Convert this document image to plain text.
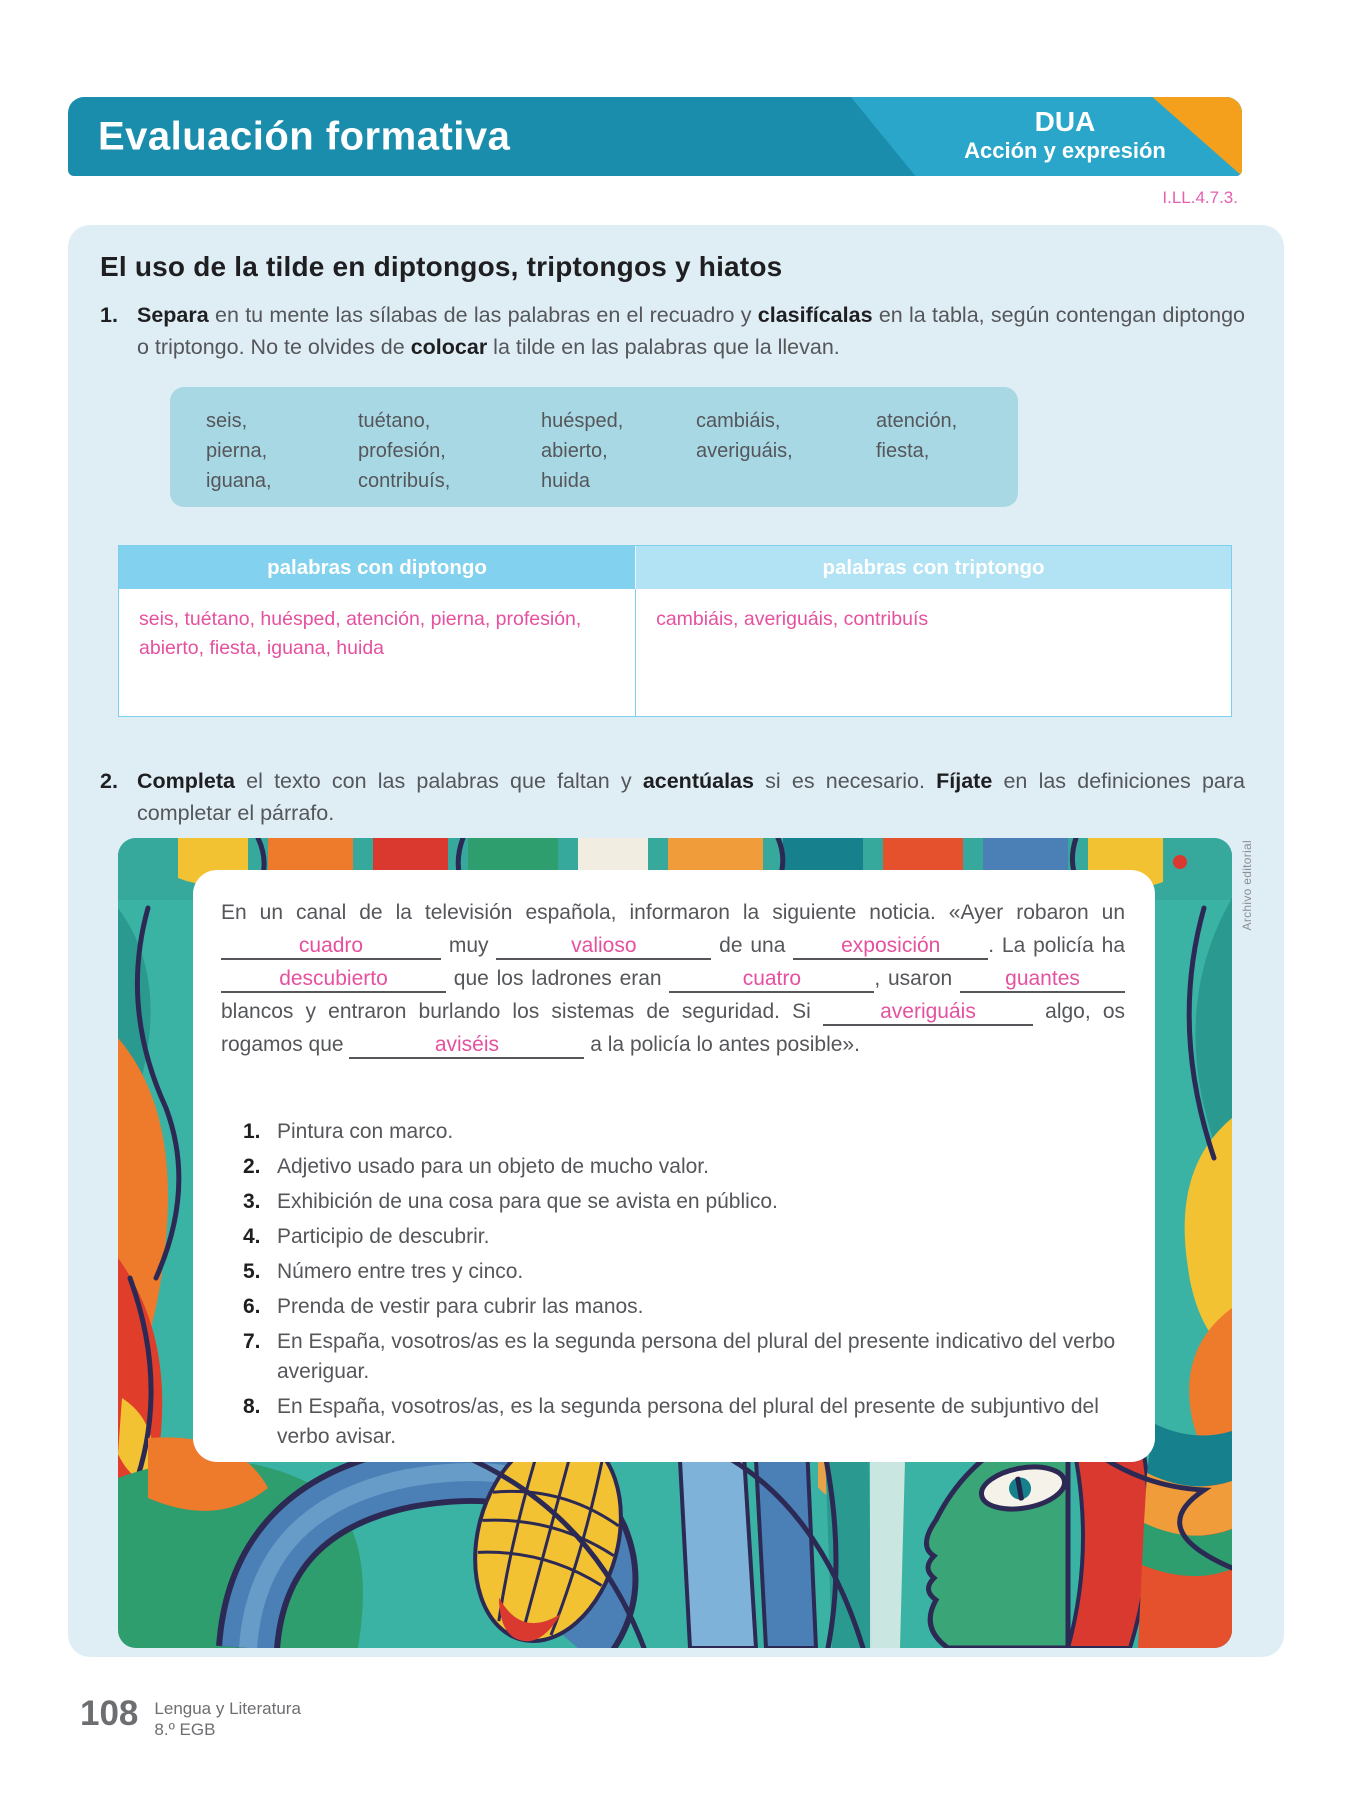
Evaluación formativa	DUA
Acción y expresión
I.LL.4.7.3.
El uso de la tilde en diptongos, triptongos y hiatos
1. Separa en tu mente las sílabas de las palabras en el recuadro y clasifícalas en la tabla, según contengan diptongo o triptongo. No te olvides de colocar la tilde en las palabras que la llevan.
seis,	tuétano,	huésped,	cambiáis,	atención,
pierna,	profesión,	abierto,	averiguáis,	fiesta,
iguana,	contribuís,	huida
palabras con diptongo	palabras con triptongo
seis, tuétano, huésped, atención, pierna, profesión, abierto, fiesta, iguana, huida
cambiáis, averiguáis, contribuís
2. Completa el texto con las palabras que faltan y acentúalas si es necesario. Fíjate en las definiciones para completar el párrafo.

En un canal de la televisión española, informaron la siguiente noticia. «Ayer robaron un cuadro	muy	valioso	de una exposición . La policía ha descubierto	que los ladrones eran	cuatro	, usaron guantes blancos y entraron burlando los sistemas de seguridad. Si	averiguáis	algo, os rogamos que	aviséis	a la policía lo antes posible».

1. Pintura con marco.
2. Adjetivo usado para un objeto de mucho valor.
3. Exhibición de una cosa para que se avista en público.
4. Participio de descubrir.
5. Número entre tres y cinco.
6. Prenda de vestir para cubrir las manos.
7. En España, vosotros/as es la segunda persona del plural del presente indicativo del verbo averiguar.
8. En España, vosotros/as, es la segunda persona del plural del presente de subjuntivo del verbo avisar.
Archivo editorial
108 Lengua y Literatura
8.º EGB
